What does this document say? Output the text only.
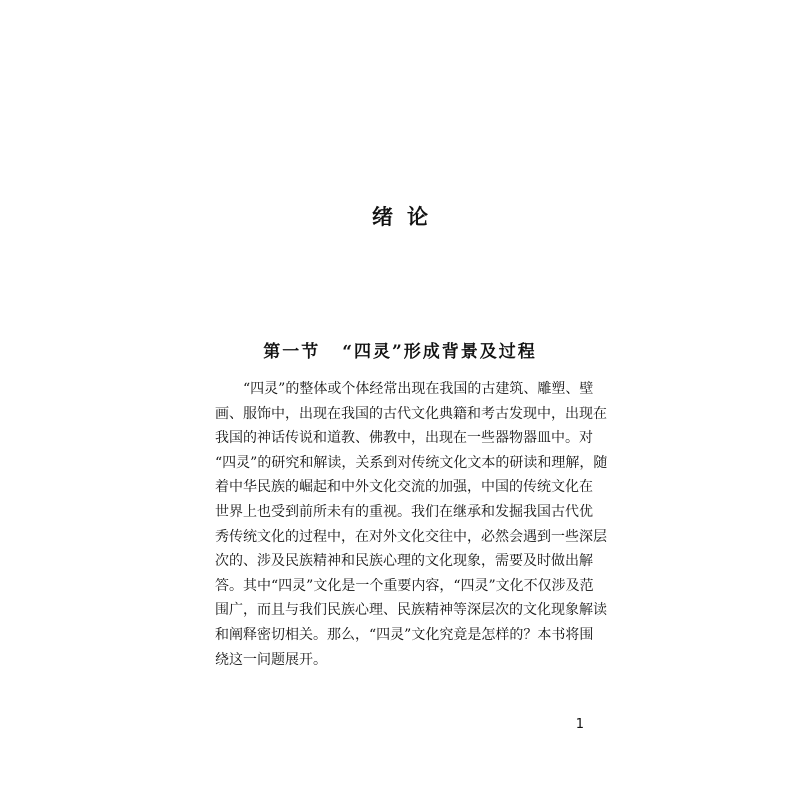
绪论
第一节 “四灵”形成背景及过程
“四灵”的整体或个体经常出现在我国的古建筑、雕塑、壁
画、服饰中，出现在我国的古代文化典籍和考古发现中，出现在
我国的神话传说和道教、佛教中，出现在一些器物器皿中。对
“四灵”的研究和解读，关系到对传统文化文本的研读和理解，随
着中华民族的崛起和中外文化交流的加强，中国的传统文化在
世界上也受到前所未有的重视。我们在继承和发掘我国古代优
秀传统文化的过程中，在对外文化交往中，必然会遇到一些深层
次的、涉及民族精神和民族心理的文化现象，需要及时做出解
答。其中“四灵”文化是一个重要内容，“四灵”文化不仅涉及范
围广，而且与我们民族心理、民族精神等深层次的文化现象解读
和阐释密切相关。那么，“四灵”文化究竟是怎样的？本书将围
绕这一问题展开。
1
